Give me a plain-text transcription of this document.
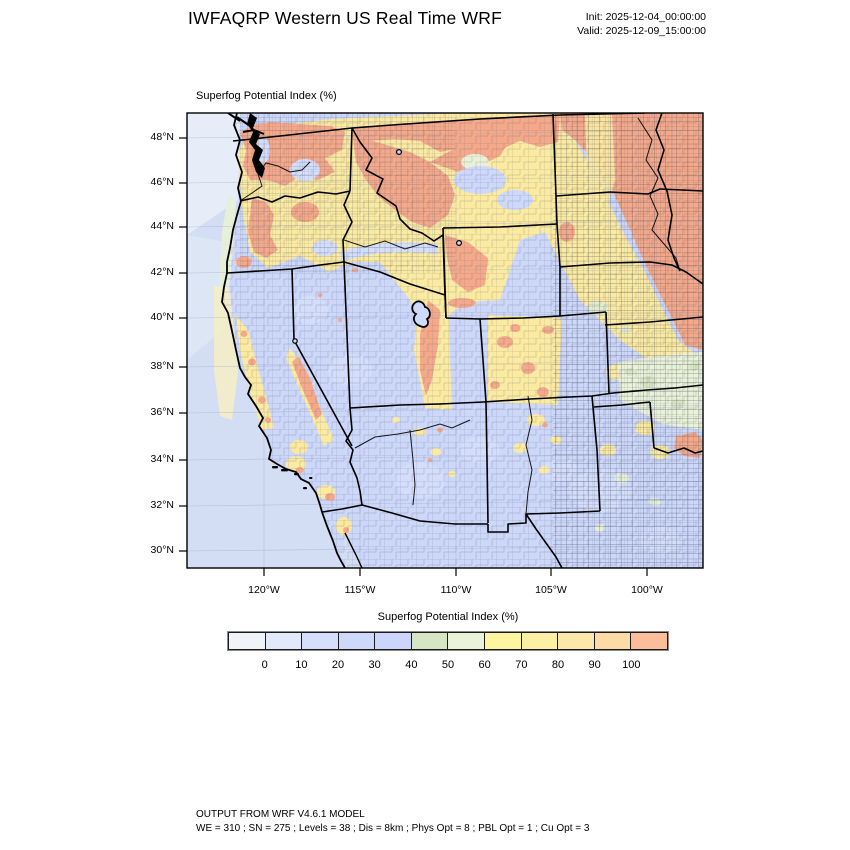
IWFAQRP Western US Real Time WRF	Init: 2025-12-04_00:00:00
Valid: 2025-12-09_15:00:00
Superfog Potential Index (%)
48°N
46°N
44°N
42°N
40°N
38°N
36°N
34°N
32°N
30°N
120°W	115°W	110°W	105°W	100°W
Superfog Potential Index (%)
0 10 20 30 40 50 60 70 80 90 100
OUTPUT FROM WRF V4.6.1 MODEL
WE = 310 ; SN = 275 ; Levels = 38 ; Dis = 8km ; Phys Opt = 8 ; PBL Opt = 1 ; Cu Opt = 3
